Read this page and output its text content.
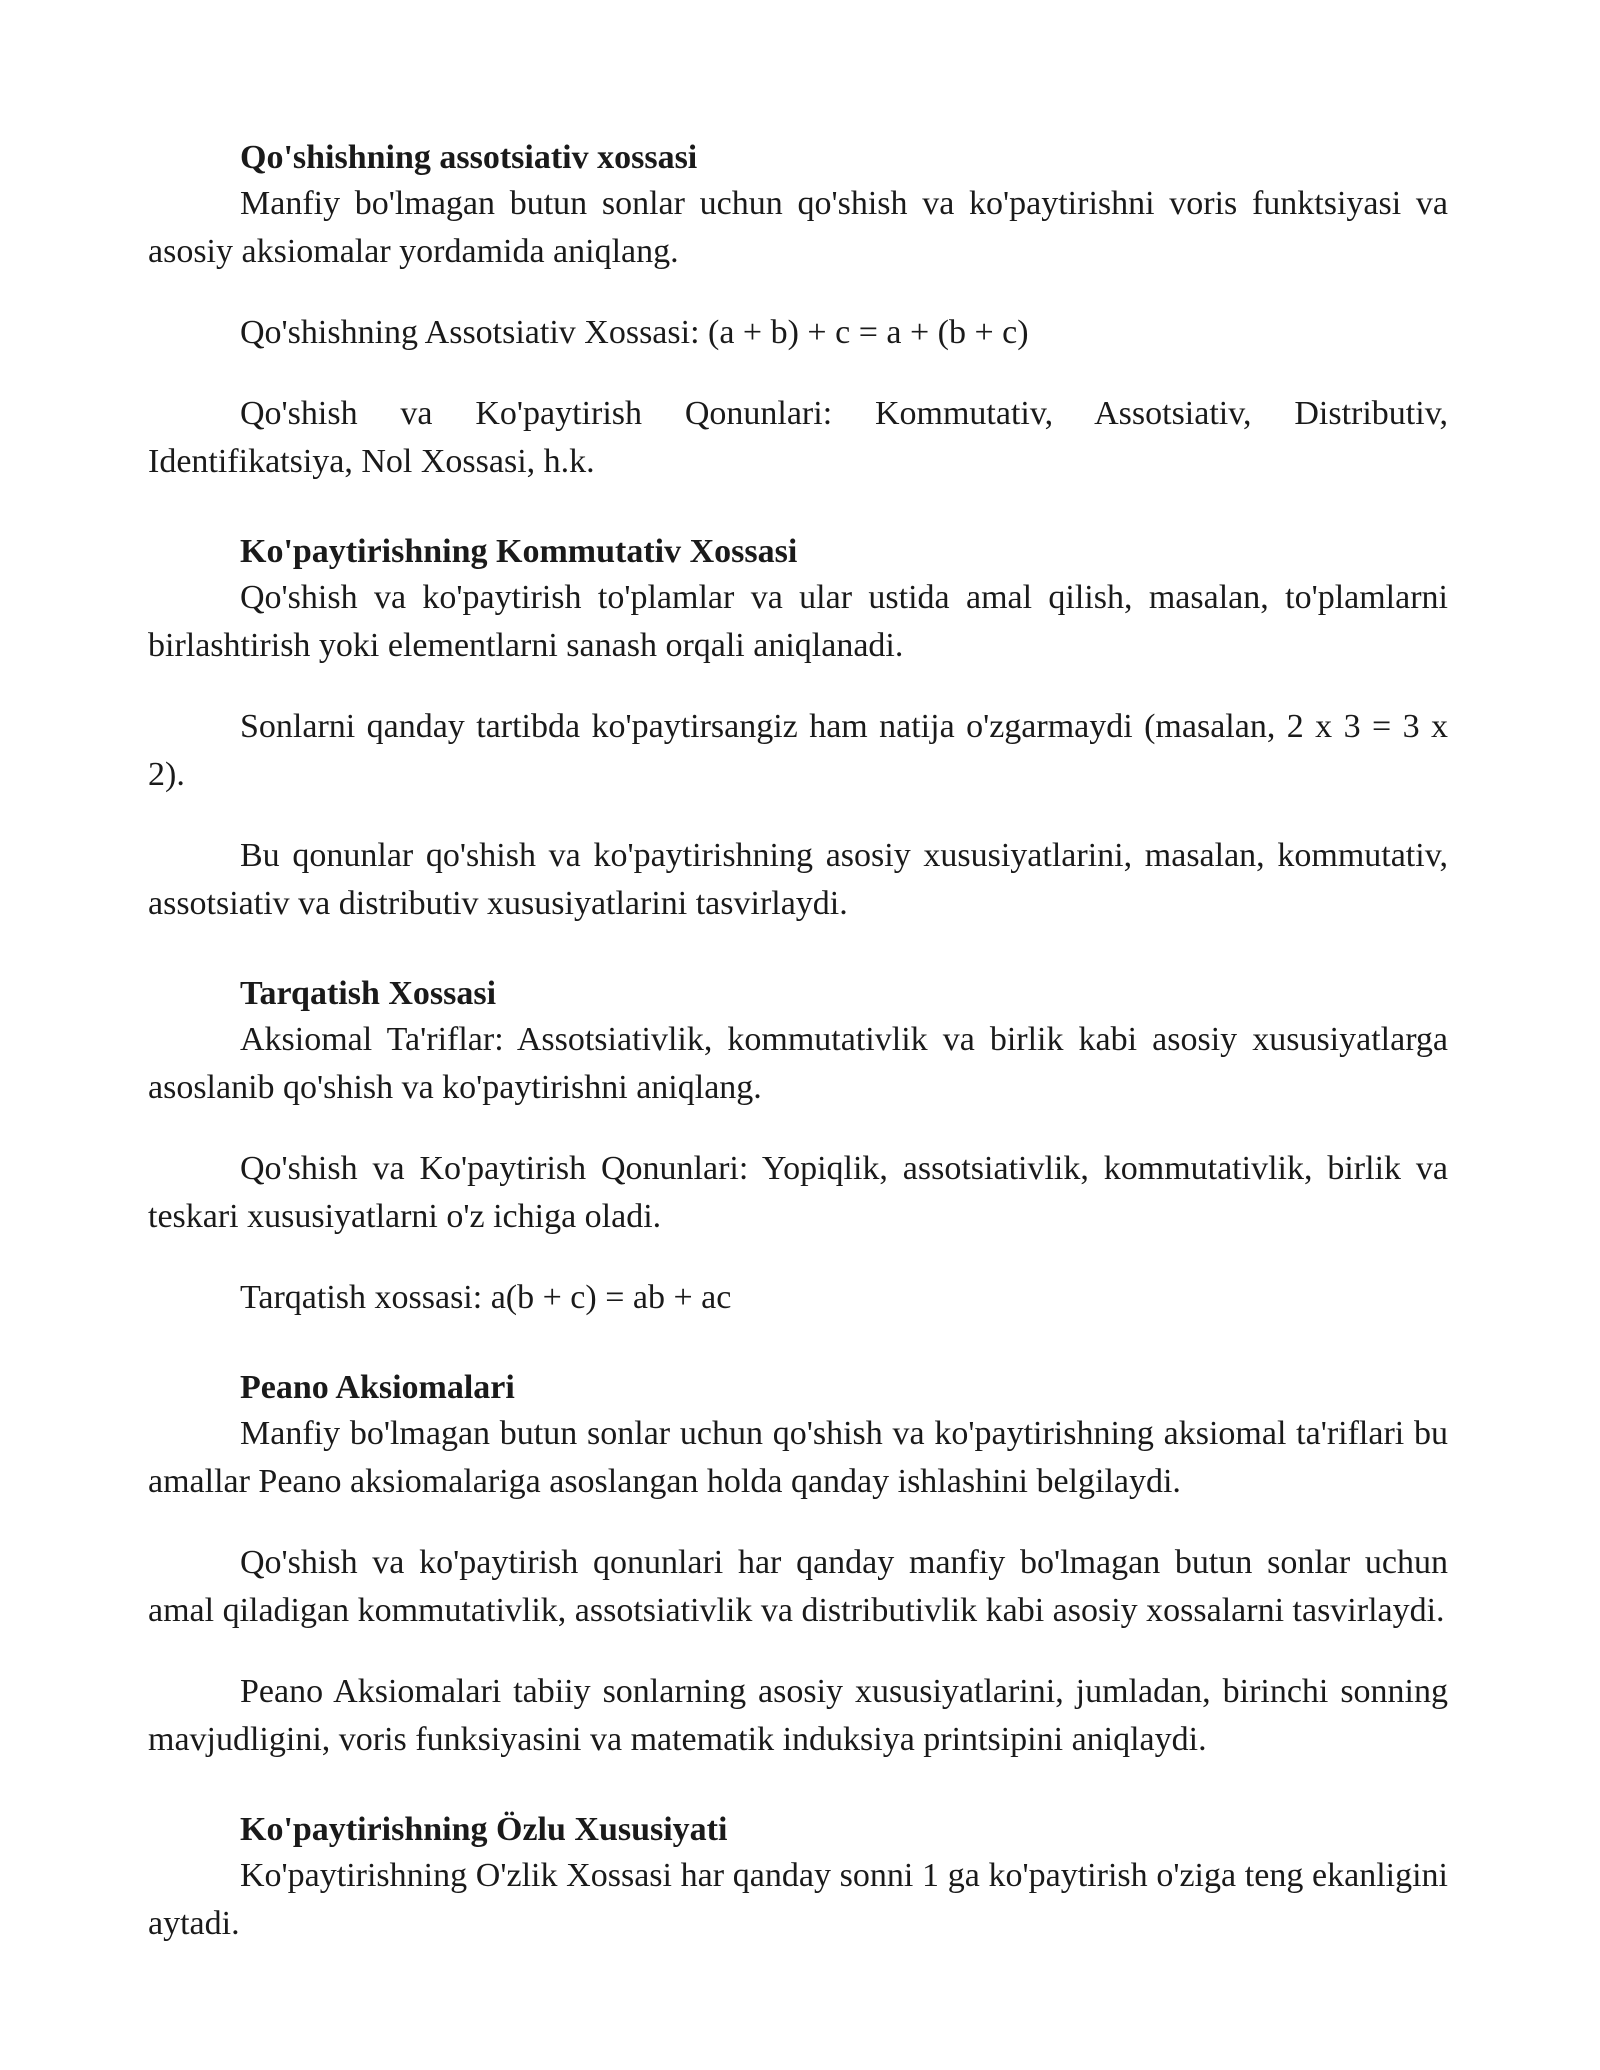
Qo'shishning assotsiativ xossasi

Manfiy bo'lmagan butun sonlar uchun qo'shish va ko'paytirishni voris funktsiyasi va asosiy aksiomalar yordamida aniqlang.

Qo'shishning Assotsiativ Xossasi: (a + b) + c = a + (b + c)

Qo'shish va Ko'paytirish Qonunlari: Kommutativ, Assotsiativ, Distributiv, Identifikatsiya, Nol Xossasi, h.k.

Ko'paytirishning Kommutativ Xossasi

Qo'shish va ko'paytirish to'plamlar va ular ustida amal qilish, masalan, to'plamlarni birlashtirish yoki elementlarni sanash orqali aniqlanadi.

Sonlarni qanday tartibda ko'paytirsangiz ham natija o'zgarmaydi (masalan, 2 x 3 = 3 x 2).

Bu qonunlar qo'shish va ko'paytirishning asosiy xususiyatlarini, masalan, kommutativ, assotsiativ va distributiv xususiyatlarini tasvirlaydi.

Tarqatish Xossasi

Aksiomal Ta'riflar: Assotsiativlik, kommutativlik va birlik kabi asosiy xususiyatlarga asoslanib qo'shish va ko'paytirishni aniqlang.

Qo'shish va Ko'paytirish Qonunlari: Yopiqlik, assotsiativlik, kommutativlik, birlik va teskari xususiyatlarni o'z ichiga oladi.

Tarqatish xossasi: a(b + c) = ab + ac

Peano Aksiomalari

Manfiy bo'lmagan butun sonlar uchun qo'shish va ko'paytirishning aksiomal ta'riflari bu amallar Peano aksiomalariga asoslangan holda qanday ishlashini belgilaydi.

Qo'shish va ko'paytirish qonunlari har qanday manfiy bo'lmagan butun sonlar uchun amal qiladigan kommutativlik, assotsiativlik va distributivlik kabi asosiy xossalarni tasvirlaydi.

Peano Aksiomalari tabiiy sonlarning asosiy xususiyatlarini, jumladan, birinchi sonning mavjudligini, voris funksiyasini va matematik induksiya printsipini aniqlaydi.

Ko'paytirishning Özlu Xususiyati

Ko'paytirishning O'zlik Xossasi har qanday sonni 1 ga ko'paytirish o'ziga teng ekanligini aytadi.
